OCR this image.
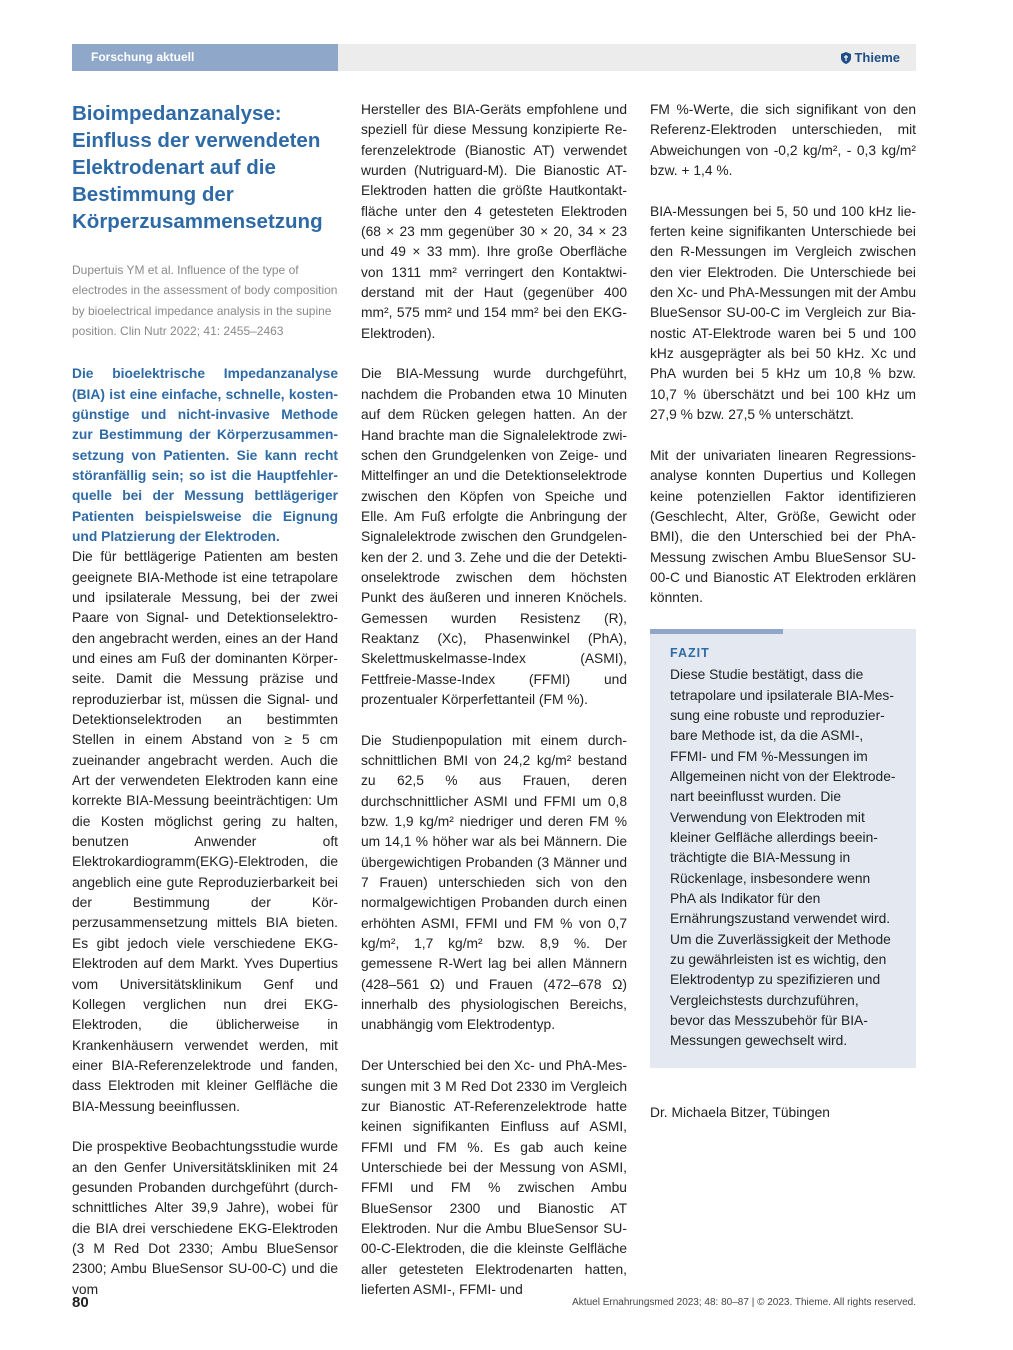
Forschung aktuell	Thieme
Bioimpedanzanalyse: Einfluss der verwendeten Elektrodenart auf die Bestimmung der Körperzusammensetzung

Dupertuis YM et al. Influence of the type of electrodes in the assessment of body composition by bioelectrical impedance analysis in the supine position. Clin Nutr 2022; 41: 2455–2463

Die bioelektrische Impedanzanalyse (BIA) ist eine einfache, schnelle, kostengünstige und nicht-invasive Methode zur Bestimmung der Körperzusammensetzung von Patienten. Sie kann recht störanfällig sein; so ist die Hauptfehlerquelle bei der Messung bettlägeriger Patienten beispielsweise die Eignung und Platzierung der Elektroden.

Die für bettlägerige Patienten am besten geeignete BIA-Methode ist eine tetrapolare und ipsilaterale Messung, bei der zwei Paare von Signal- und Detektionselektroden angebracht werden, eines an der Hand und eines am Fuß der dominanten Körperseite. Damit die Messung präzise und reproduzierbar ist, müssen die Signal- und Detektionselektroden an bestimmten Stellen in einem Abstand von ≥ 5 cm zueinander angebracht werden. Auch die Art der verwendeten Elektroden kann eine korrekte BIA-Messung beeinträchtigen: Um die Kosten möglichst gering zu halten, benutzen Anwender oft Elektrokardiogramm(EKG)-Elektroden, die angeblich eine gute Reproduzierbarkeit bei der Bestimmung der Körperzusammensetzung mittels BIA bieten. Es gibt jedoch viele verschiedene EKG-Elektroden auf dem Markt. Yves Dupertius vom Universitätsklinikum Genf und Kollegen verglichen nun drei EKG-Elektroden, die üblicherweise in Krankenhäusern verwendet werden, mit einer BIA-Referenzelektrode und fanden, dass Elektroden mit kleiner Gelfläche die BIA-Messung beeinflussen.

Die prospektive Beobachtungsstudie wurde an den Genfer Universitätskliniken mit 24 gesunden Probanden durchgeführt (durchschnittliches Alter 39,9 Jahre), wobei für die BIA drei verschiedene EKG-Elektroden (3 M Red Dot 2330; Ambu BlueSensor 2300; Ambu BlueSensor SU-00-C) und die vom

Hersteller des BIA-Geräts empfohlene und speziell für diese Messung konzipierte Referenzelektrode (Bianostic AT) verwendet wurden (Nutriguard-M). Die Bianostic AT-Elektroden hatten die größte Hautkontaktfläche unter den 4 getesteten Elektroden (68 × 23 mm gegenüber 30 × 20, 34 × 23 und 49 × 33 mm). Ihre große Oberfläche von 1311 mm² verringert den Kontaktwiderstand mit der Haut (gegenüber 400 mm², 575 mm² und 154 mm² bei den EKG-Elektroden).

Die BIA-Messung wurde durchgeführt, nachdem die Probanden etwa 10 Minuten auf dem Rücken gelegen hatten. An der Hand brachte man die Signalelektrode zwischen den Grundgelenken von Zeige- und Mittelfinger an und die Detektionselektrode zwischen den Köpfen von Speiche und Elle. Am Fuß erfolgte die Anbringung der Signalelektrode zwischen den Grundgelenken der 2. und 3. Zehe und die der Detektionselektrode zwischen dem höchsten Punkt des äußeren und inneren Knöchels. Gemessen wurden Resistenz (R), Reaktanz (Xc), Phasenwinkel (PhA), Skelettmuskelmasse-Index (ASMI), Fettfreie-Masse-Index (FFMI) und prozentualer Körperfettanteil (FM %).

Die Studienpopulation mit einem durchschnittlichen BMI von 24,2 kg/m² bestand zu 62,5 % aus Frauen, deren durchschnittlicher ASMI und FFMI um 0,8 bzw. 1,9 kg/m² niedriger und deren FM % um 14,1 % höher war als bei Männern. Die übergewichtigen Probanden (3 Männer und 7 Frauen) unterschieden sich von den normalgewichtigen Probanden durch einen erhöhten ASMI, FFMI und FM % von 0,7 kg/m², 1,7 kg/m² bzw. 8,9 %. Der gemessene R-Wert lag bei allen Männern (428–561 Ω) und Frauen (472–678 Ω) innerhalb des physiologischen Bereichs, unabhängig vom Elektrodentyp.

Der Unterschied bei den Xc- und PhA-Messungen mit 3 M Red Dot 2330 im Vergleich zur Bianostic AT-Referenzelektrode hatte keinen signifikanten Einfluss auf ASMI, FFMI und FM %. Es gab auch keine Unterschiede bei der Messung von ASMI, FFMI und FM % zwischen Ambu BlueSensor 2300 und Bianostic AT Elektroden. Nur die Ambu BlueSensor SU-00-C-Elektroden, die die kleinste Gelfläche aller getesteten Elektrodenarten hatten, lieferten ASMI-, FFMI- und

FM %-Werte, die sich signifikant von den Referenz-Elektroden unterschieden, mit Abweichungen von -0,2 kg/m², - 0,3 kg/m² bzw. + 1,4 %.

BIA-Messungen bei 5, 50 und 100 kHz lieferten keine signifikanten Unterschiede bei den R-Messungen im Vergleich zwischen den vier Elektroden. Die Unterschiede bei den Xc- und PhA-Messungen mit der Ambu BlueSensor SU-00-C im Vergleich zur Bianostic AT-Elektrode waren bei 5 und 100 kHz ausgeprägter als bei 50 kHz. Xc und PhA wurden bei 5 kHz um 10,8 % bzw. 10,7 % überschätzt und bei 100 kHz um 27,9 % bzw. 27,5 % unterschätzt.

Mit der univariaten linearen Regressionsanalyse konnten Dupertius und Kollegen keine potenziellen Faktor identifizieren (Geschlecht, Alter, Größe, Gewicht oder BMI), die den Unterschied bei der PhA-Messung zwischen Ambu BlueSensor SU-00-C und Bianostic AT Elektroden erklären könnten.

FAZIT

Diese Studie bestätigt, dass die tetrapolare und ipsilaterale BIA-Messung eine robuste und reproduzierbare Methode ist, da die ASMI-, FFMI- und FM %-Messungen im Allgemeinen nicht von der Elektrodenart beeinflusst wurden. Die Verwendung von Elektroden mit kleiner Gelfläche allerdings beeinträchtigte die BIA-Messung in Rückenlage, insbesondere wenn PhA als Indikator für den Ernährungszustand verwendet wird. Um die Zuverlässigkeit der Methode zu gewährleisten ist es wichtig, den Elektrodentyp zu spezifizieren und Vergleichstests durchzuführen, bevor das Messzubehör für BIA-Messungen gewechselt wird.

Dr. Michaela Bitzer, Tübingen
80	Aktuel Ernahrungsmed 2023; 48: 80–87 | © 2023. Thieme. All rights reserved.
